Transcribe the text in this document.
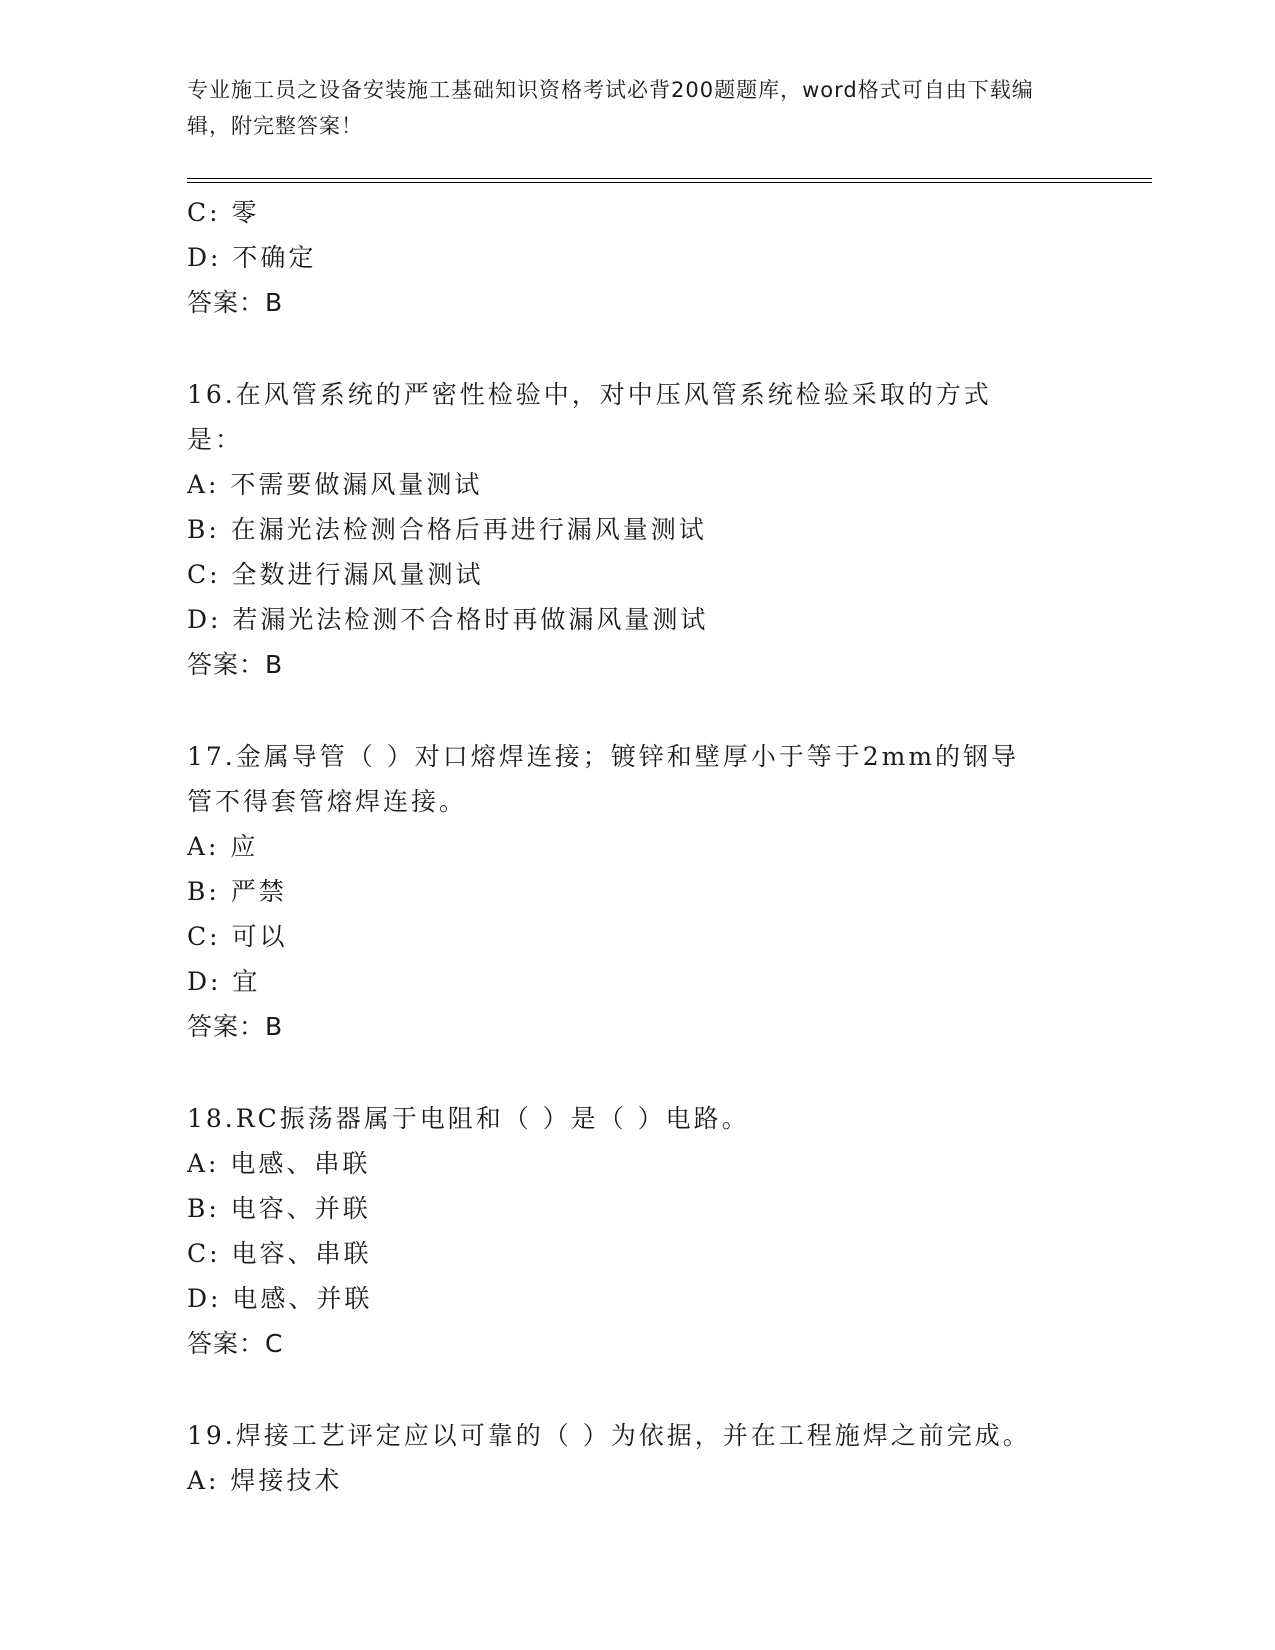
专业施工员之设备安装施工基础知识资格考试必背200题题库，word格式可自由下载编辑，附完整答案！
C: 零
D: 不确定
答案：B
16.在风管系统的严密性检验中，对中压风管系统检验采取的方式是：
A: 不需要做漏风量测试
B: 在漏光法检测合格后再进行漏风量测试
C: 全数进行漏风量测试
D: 若漏光法检测不合格时再做漏风量测试
答案：B
17.金属导管（ ）对口熔焊连接；镀锌和壁厚小于等于2mm的钢导管不得套管熔焊连接。
A: 应
B: 严禁
C: 可以
D: 宜
答案：B
18.RC振荡器属于电阻和（ ）是（ ）电路。
A: 电感、串联
B: 电容、并联
C: 电容、串联
D: 电感、并联
答案：C
19.焊接工艺评定应以可靠的（ ）为依据，并在工程施焊之前完成。
A: 焊接技术
